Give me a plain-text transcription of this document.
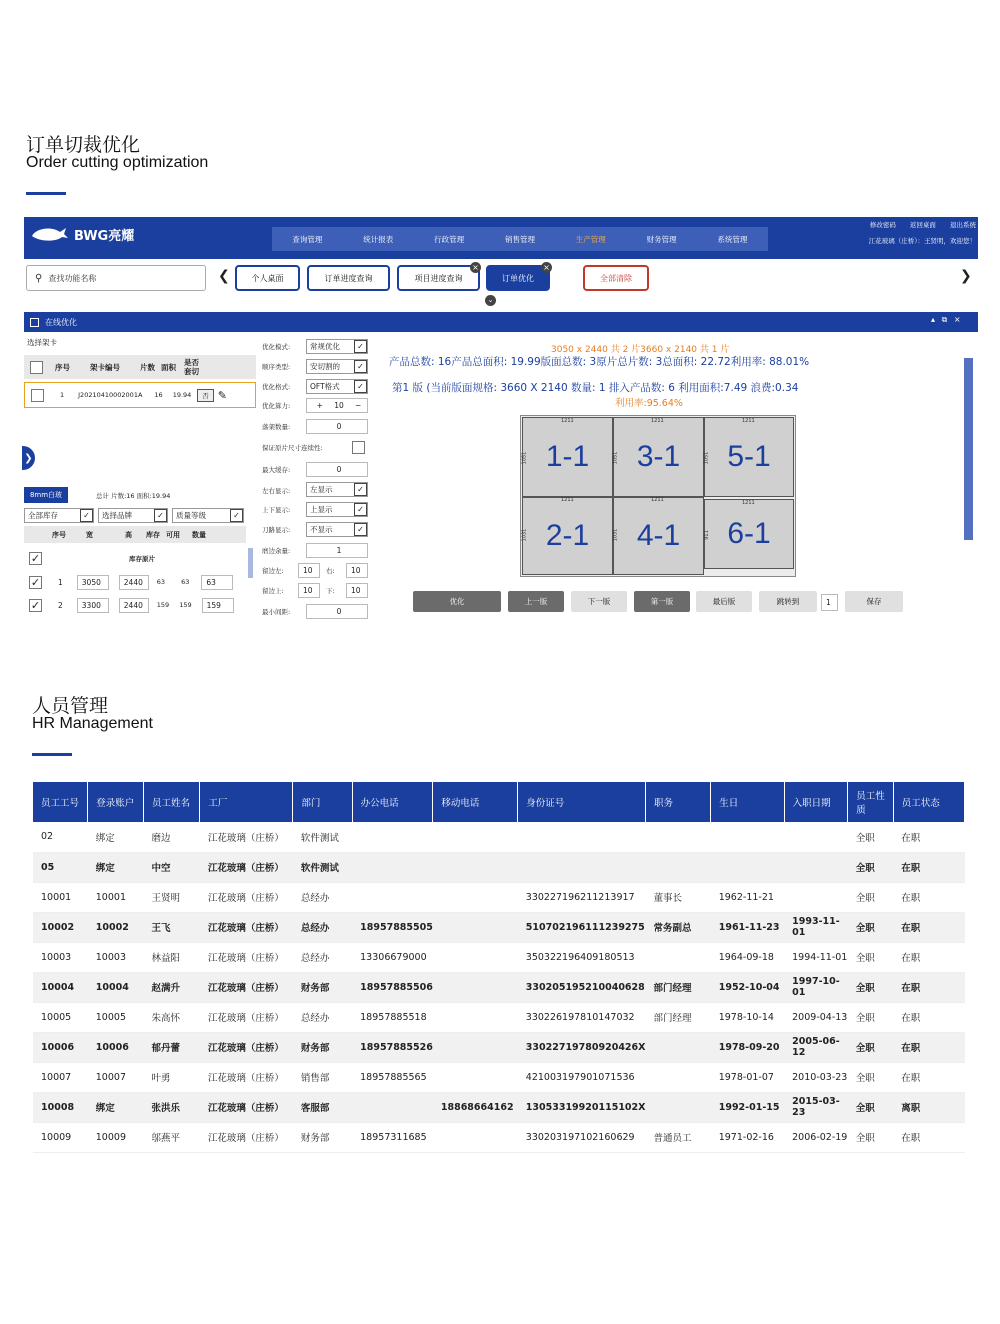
订单切裁优化
Order cutting optimization
BWG亮耀	查询管理	统计报表	行政管理	销售管理	生产管理	财务管理	系统管理
修改密码 返回桌面 退出系统
江花玻璃（庄桥）：王贤明，欢迎您！
⚲ 查找功能名称	❮	个人桌面	订单进度查询	项目进度查询
×
订单优化
×
⌄
全部清除	❯
在线优化	▴ ⧉ ×
选择架卡
序号	架卡编号	片数 面积 是否套切
1 J20210410002001A 16 19.94	否 ✎
❯
8mm白玻	总计 片数:16 面积:19.94
全部库存	✓	选择品牌	✓	质量等级	✓
序号	宽	高 库存 可用 数量
✓	库存原片
✓ 1	3050	2440	63 63	63
✓ 2	3300	2440	159 159	159
优化模式:	常规优化	✓
顺序类型:	安切割的	✓
优化格式:	OFT格式	✓
优化算力:	+ 10 −
落架数量:	0
保证原片尺寸连续性:
最大缓存:	0
左右显示:	左显示	✓
上下显示:	上显示	✓
刀路显示:	不显示	✓
磨边余量:	1
留边左:	10	右:	10
留边上:	10	下:	10
最小间距:	0
3050 x 2440 共 2 片3660 x 2140 共 1 片
产品总数: 16产品总面积: 19.99版面总数: 3原片总片数: 3总面积: 22.72利用率: 88.01%
第1 版 (当前版面规格: 3660 X 2140 数量: 1 排入产品数: 6 利用面积:7.49 浪费:0.34
利用率:95.64%
1-1	3-1	5-1
2-1	4-1	6-1
1211	1211	1211
1211	1211	1211
1051	1051	1051
1031	1031	911
优化	上一版	下一版	第一版	最后版	跳转到	1	保存
人员管理
HR Management
员工工号	登录账户	员工姓名	工厂	部门	办公电话	移动电话	身份证号	职务	生日	入职日期	员工性质	员工状态
02	绑定	磨边	江花玻璃（庄桥）	软件测试							全职	在职
05	绑定	中空	江花玻璃（庄桥）	软件测试							全职	在职
10001	10001	王贤明	江花玻璃（庄桥）	总经办			330227196211213917	董事长	1962-11-21		全职	在职
10002	10002	王飞	江花玻璃（庄桥）	总经办	18957885505		510702196111239275	常务副总	1961-11-23	1993-11-01	全职	在职
10003	10003	林益阳	江花玻璃（庄桥）	总经办	13306679000		350322196409180513		1964-09-18	1994-11-01	全职	在职
10004	10004	赵满升	江花玻璃（庄桥）	财务部	18957885506		330205195210040628	部门经理	1952-10-04	1997-10-01	全职	在职
10005	10005	朱高怀	江花玻璃（庄桥）	总经办	18957885518		330226197810147032	部门经理	1978-10-14	2009-04-13	全职	在职
10006	10006	郁丹蕾	江花玻璃（庄桥）	财务部	18957885526		33022719780920426X		1978-09-20	2005-06-12	全职	在职
10007	10007	叶勇	江花玻璃（庄桥）	销售部	18957885565		421003197901071536		1978-01-07	2010-03-23	全职	在职
10008	绑定	张洪乐	江花玻璃（庄桥）	客服部		18868664162	13053319920115102X		1992-01-15	2015-03-23	全职	离职
10009	10009	邬燕平	江花玻璃（庄桥）	财务部	18957311685		330203197102160629	普通员工	1971-02-16	2006-02-19	全职	在职
